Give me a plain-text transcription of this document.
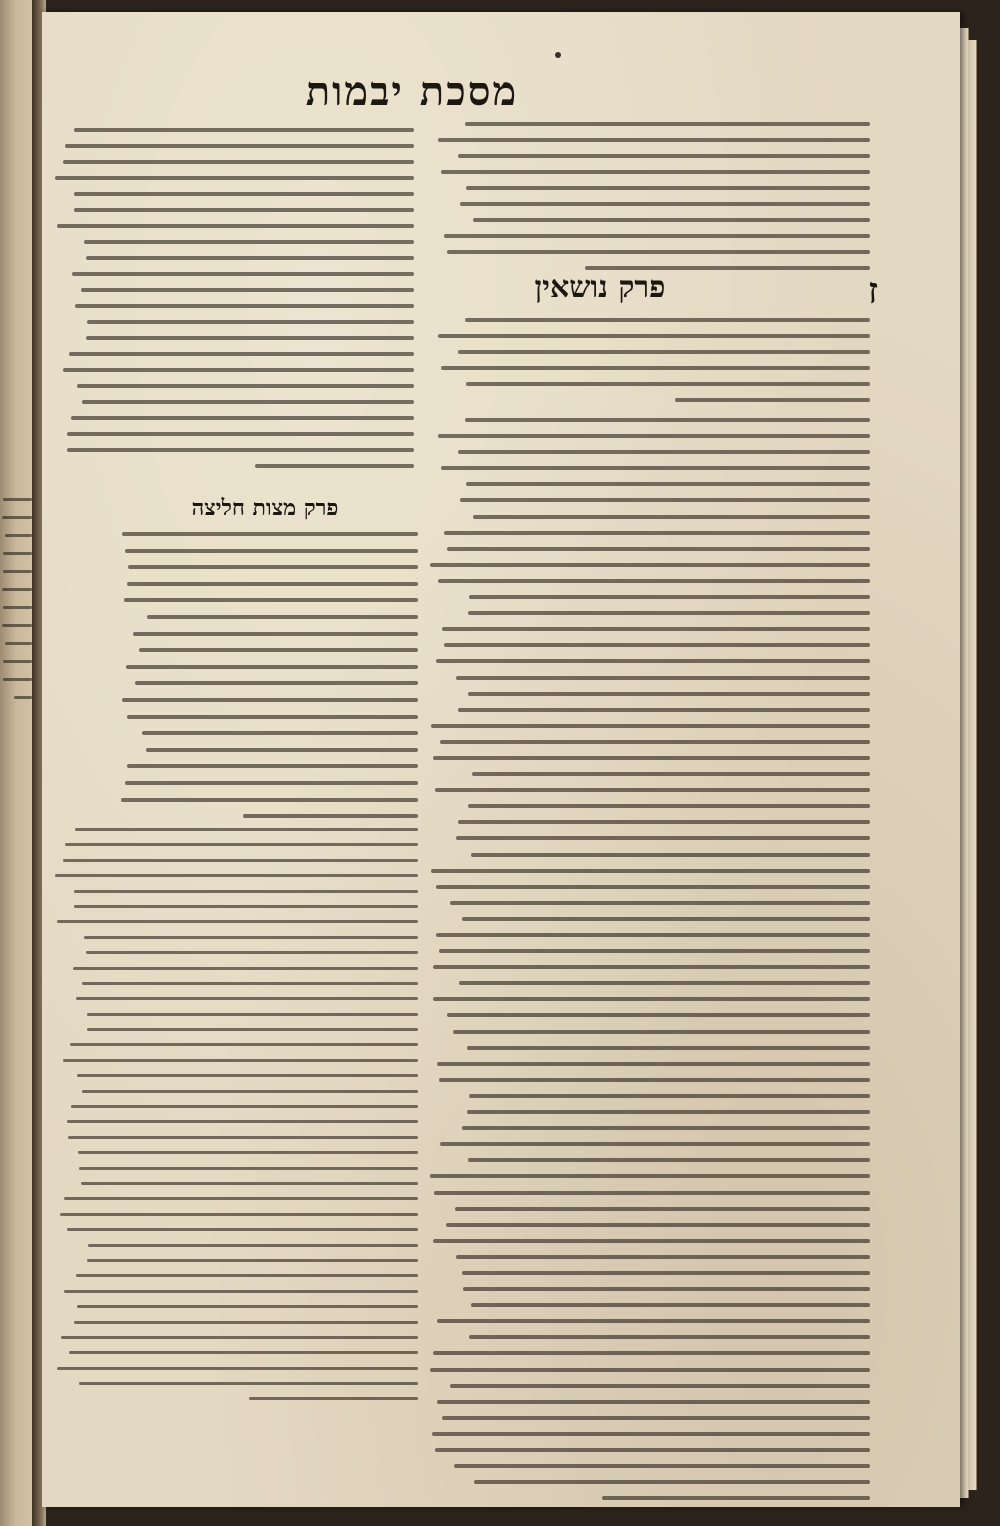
מסכת יבמות
ז
פרק נושאין
פרק מצות חליצה
